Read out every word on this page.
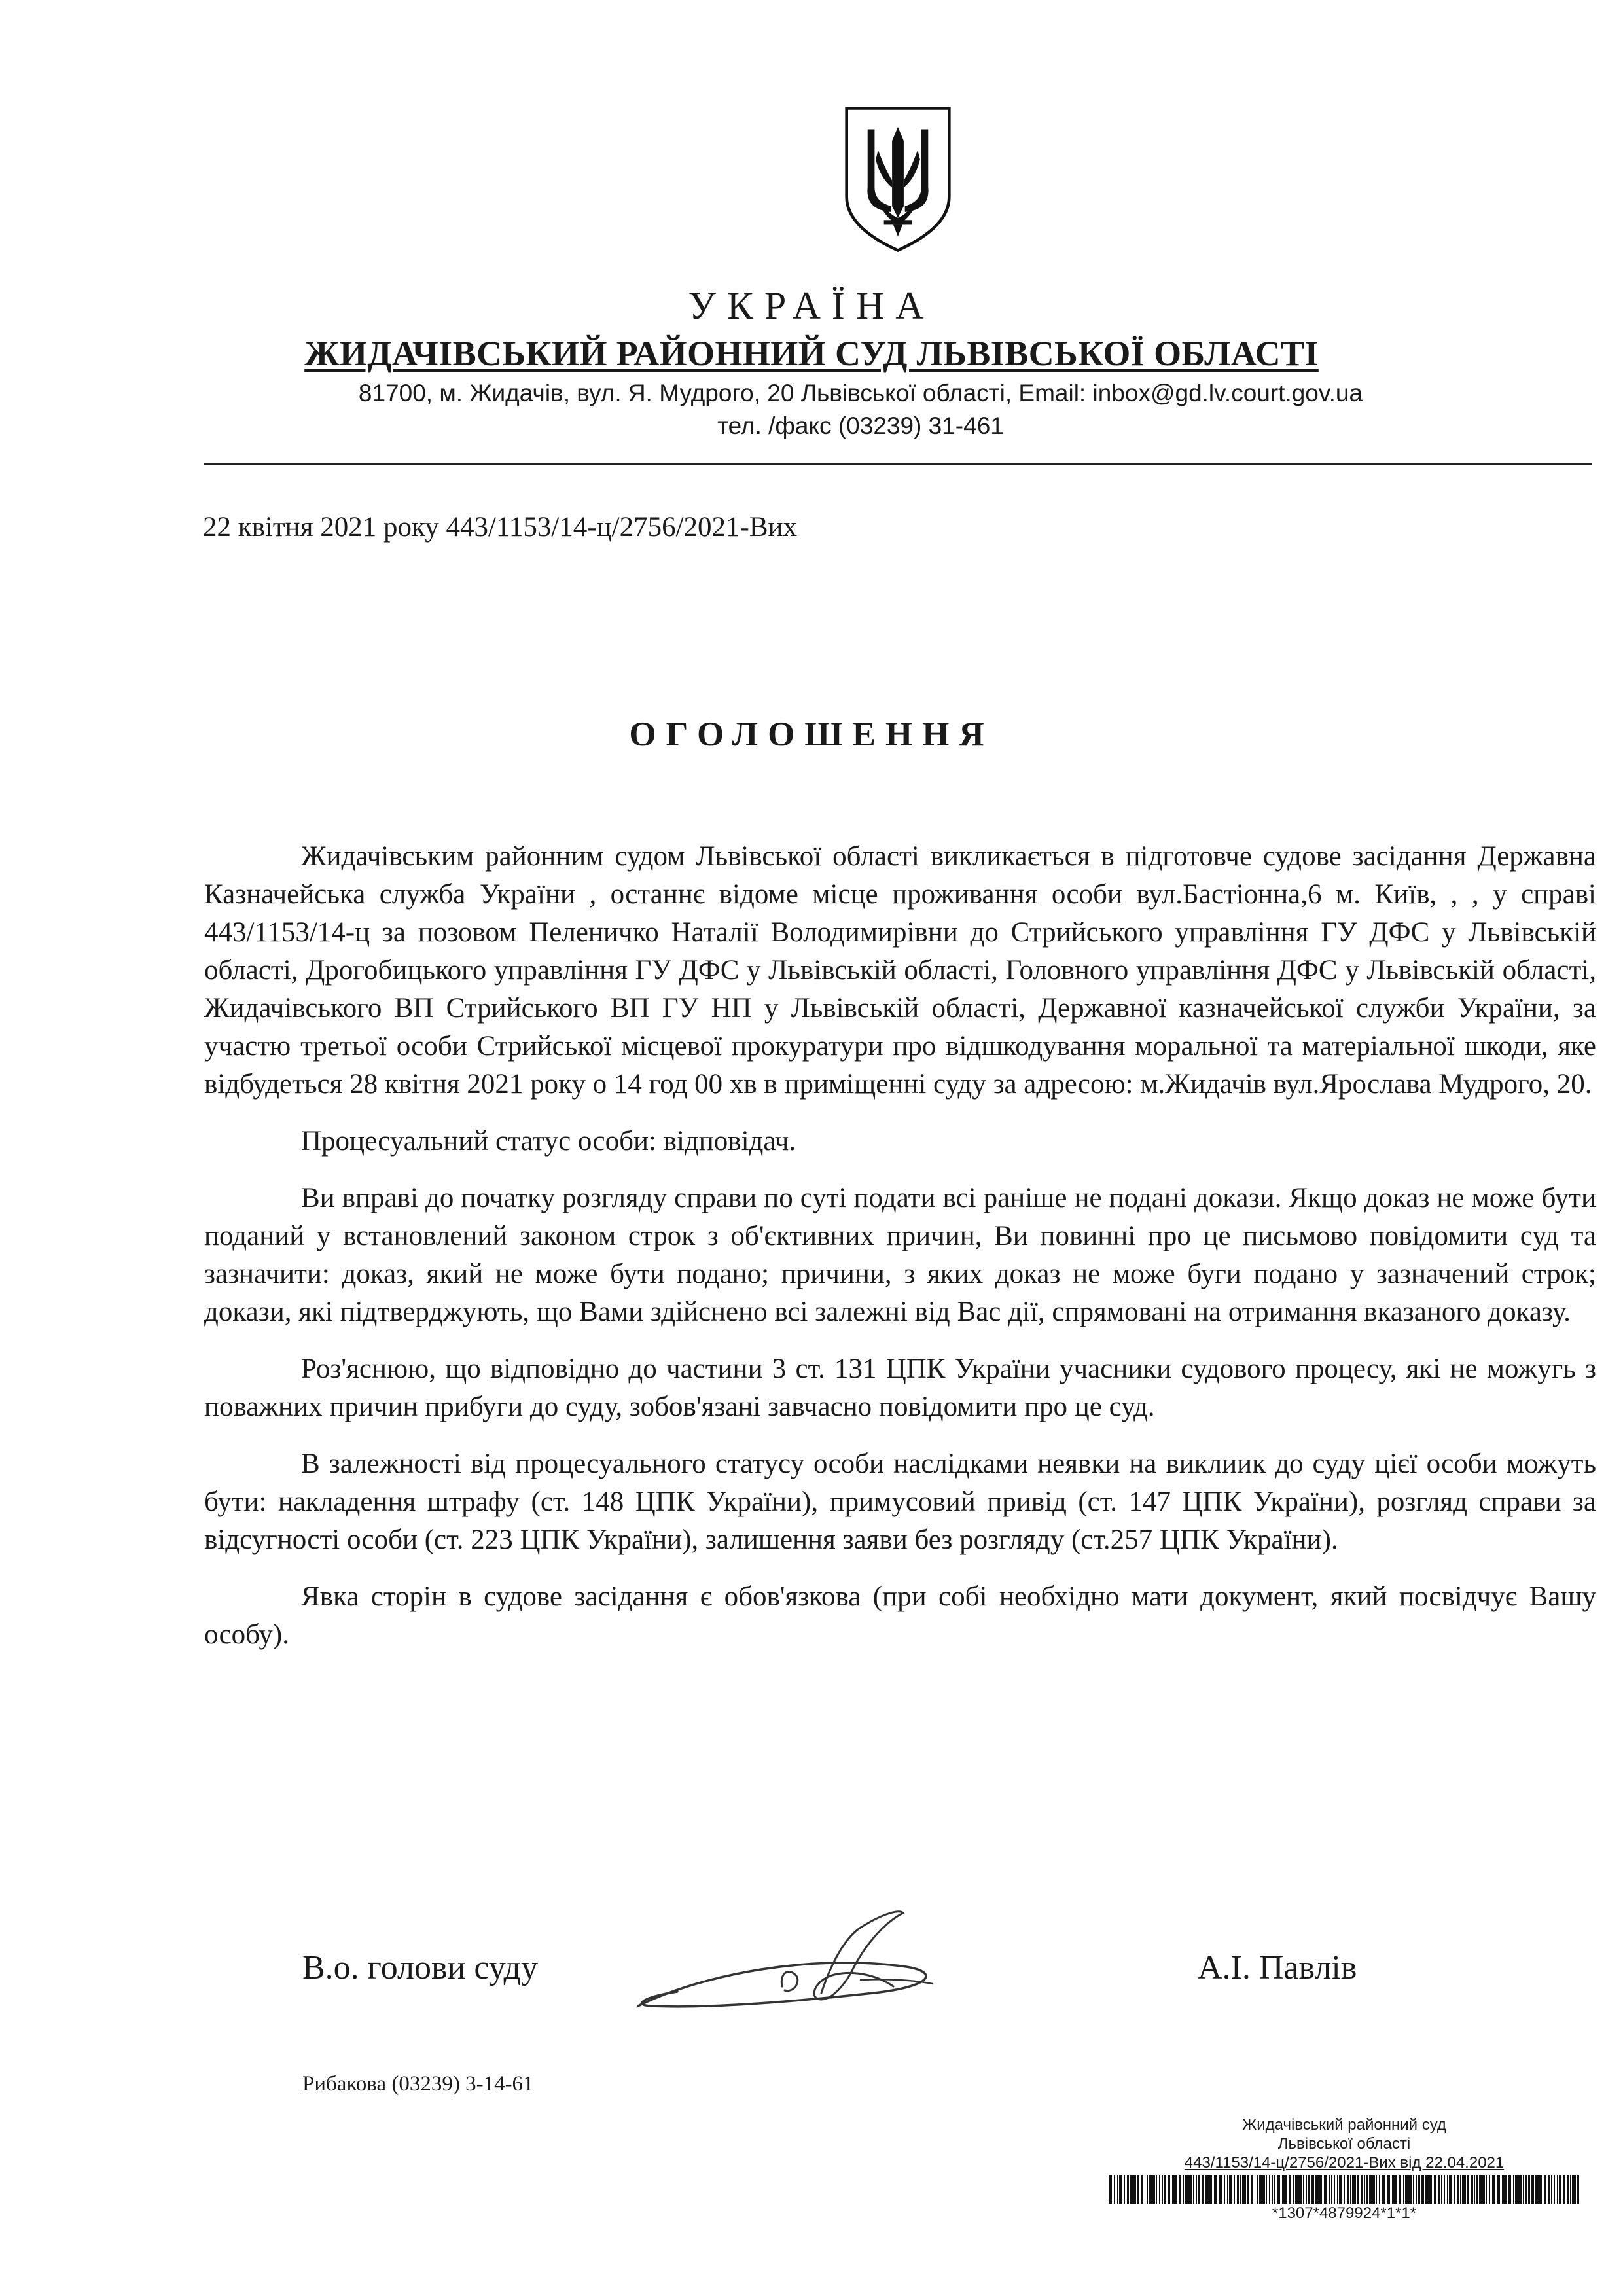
УКРАЇНА
ЖИДАЧІВСЬКИЙ РАЙОННИЙ СУД ЛЬВІВСЬКОЇ ОБЛАСТІ
81700, м. Жидачів, вул. Я. Мудрого, 20 Львівської області, Email: inbox@gd.lv.court.gov.ua
тел. /факс (03239) 31-461
22 квітня 2021 року 443/1153/14-ц/2756/2021-Вих
ОГОЛОШЕННЯ

Жидачівським районним судом Львівської області викликається в підготовче судове засідання Державна Казначейська служба України , останнє відоме місце проживання особи вул.Бастіонна,6 м. Київ, , , у справі 443/1153/14-ц за позовом Пеленичко Наталії Володимирівни до Стрийського управління ГУ ДФС у Львівській області, Дрогобицького управління ГУ ДФС у Львівській області, Головного управління ДФС у Львівській області, Жидачівського ВП Стрийського ВП ГУ НП у Львівській області, Державної казначейської служби України, за участю третьої особи Стрийської місцевої прокуратури про відшкодування моральної та матеріальної шкоди, яке відбудеться 28 квітня 2021 року о 14 год 00 хв в приміщенні суду за адресою: м.Жидачів вул.Ярослава Мудрого, 20.

Процесуальний статус особи: відповідач.

Ви вправі до початку розгляду справи по суті подати всі раніше не подані докази. Якщо доказ не може бути поданий у встановлений законом строк з об'єктивних причин, Ви повинні про це письмово повідомити суд та зазначити: доказ, який не може бути подано; причини, з яких доказ не може буги подано у зазначений строк; докази, які підтверджують, що Вами здійснено всі залежні від Вас дії, спрямовані на отримання вказаного доказу.

Роз'яснюю, що відповідно до частини 3 ст. 131 ЦПК України учасники судового процесу, які не можугь з поважних причин прибуги до суду, зобов'язані завчасно повідомити про це суд.

В залежності від процесуального статусу особи наслідками неявки на виклиик до суду цієї особи можуть бути: накладення штрафу (ст. 148 ЦПК України), примусовий привід (ст. 147 ЦПК України), розгляд справи за відсугності особи (ст. 223 ЦПК України), залишення заяви без розгляду (ст.257 ЦПК України).

Явка сторін в судове засідання є обов'язкова (при собі необхідно мати документ, який посвідчує Вашу особу).

В.о. голови суду	А.І. Павлів
Рибакова (03239) 3-14-61
Жидачівський районний суд
Львівської області
443/1153/14-ц/2756/2021-Вих від 22.04.2021
*1307*4879924*1*1*
